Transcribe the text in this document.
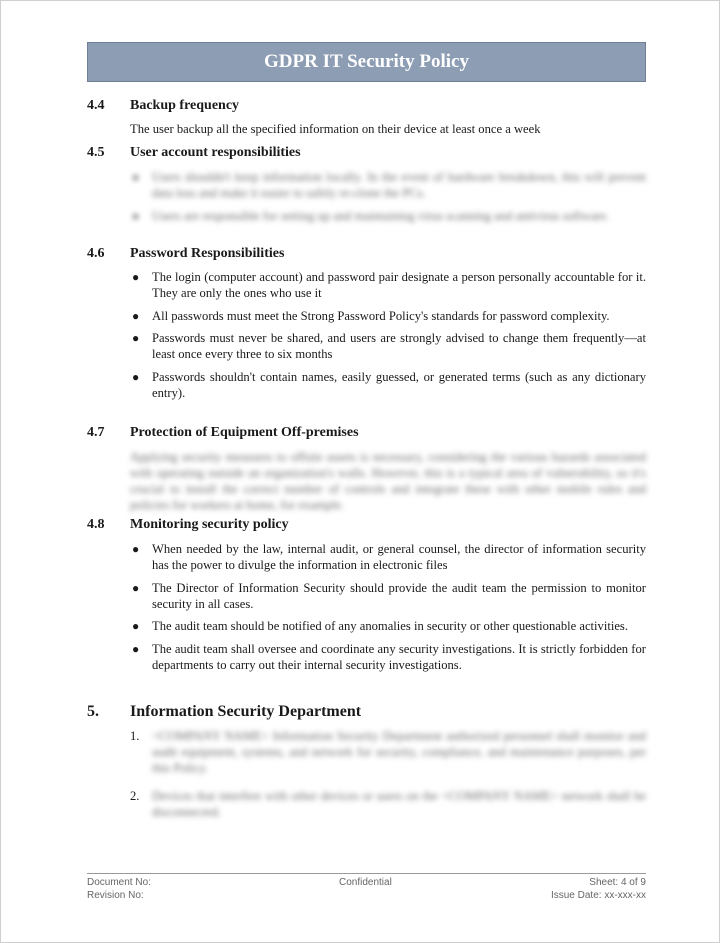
GDPR IT Security Policy
4.4 Backup frequency
The user backup all the specified information on their device at least once a week
4.5 User account responsibilities
● Users shouldn't keep information locally. In the event of hardware breakdown, this will prevent data loss and make it easier to safely re-clone the PCs.
● Users are responsible for setting up and maintaining virus scanning and antivirus software.
4.6 Password Responsibilities
● The login (computer account) and password pair designate a person personally accountable for it. They are only the ones who use it
● All passwords must meet the Strong Password Policy's standards for password complexity.
● Passwords must never be shared, and users are strongly advised to change them frequently—at least once every three to six months
● Passwords shouldn't contain names, easily guessed, or generated terms (such as any dictionary entry).
4.7 Protection of Equipment Off-premises
Applying security measures to offsite assets is necessary, considering the various hazards associated with operating outside an organization's walls. However, this is a typical area of vulnerability, so it's crucial to install the correct number of controls and integrate these with other mobile rules and policies for workers at home, for example.
4.8 Monitoring security policy
● When needed by the law, internal audit, or general counsel, the director of information security has the power to divulge the information in electronic files
● The Director of Information Security should provide the audit team the permission to monitor security in all cases.
● The audit team should be notified of any anomalies in security or other questionable activities.
● The audit team shall oversee and coordinate any security investigations. It is strictly forbidden for departments to carry out their internal security investigations.
5. Information Security Department
1. <COMPANY NAME> Information Security Department authorized personnel shall monitor and audit equipment, systems, and network for security, compliance, and maintenance purposes, per this Policy.
2. Devices that interfere with other devices or users on the <COMPANY NAME> network shall be disconnected.
Document No:
Revision No:
Confidential	Sheet: 4 of 9
Issue Date: xx-xxx-xx
